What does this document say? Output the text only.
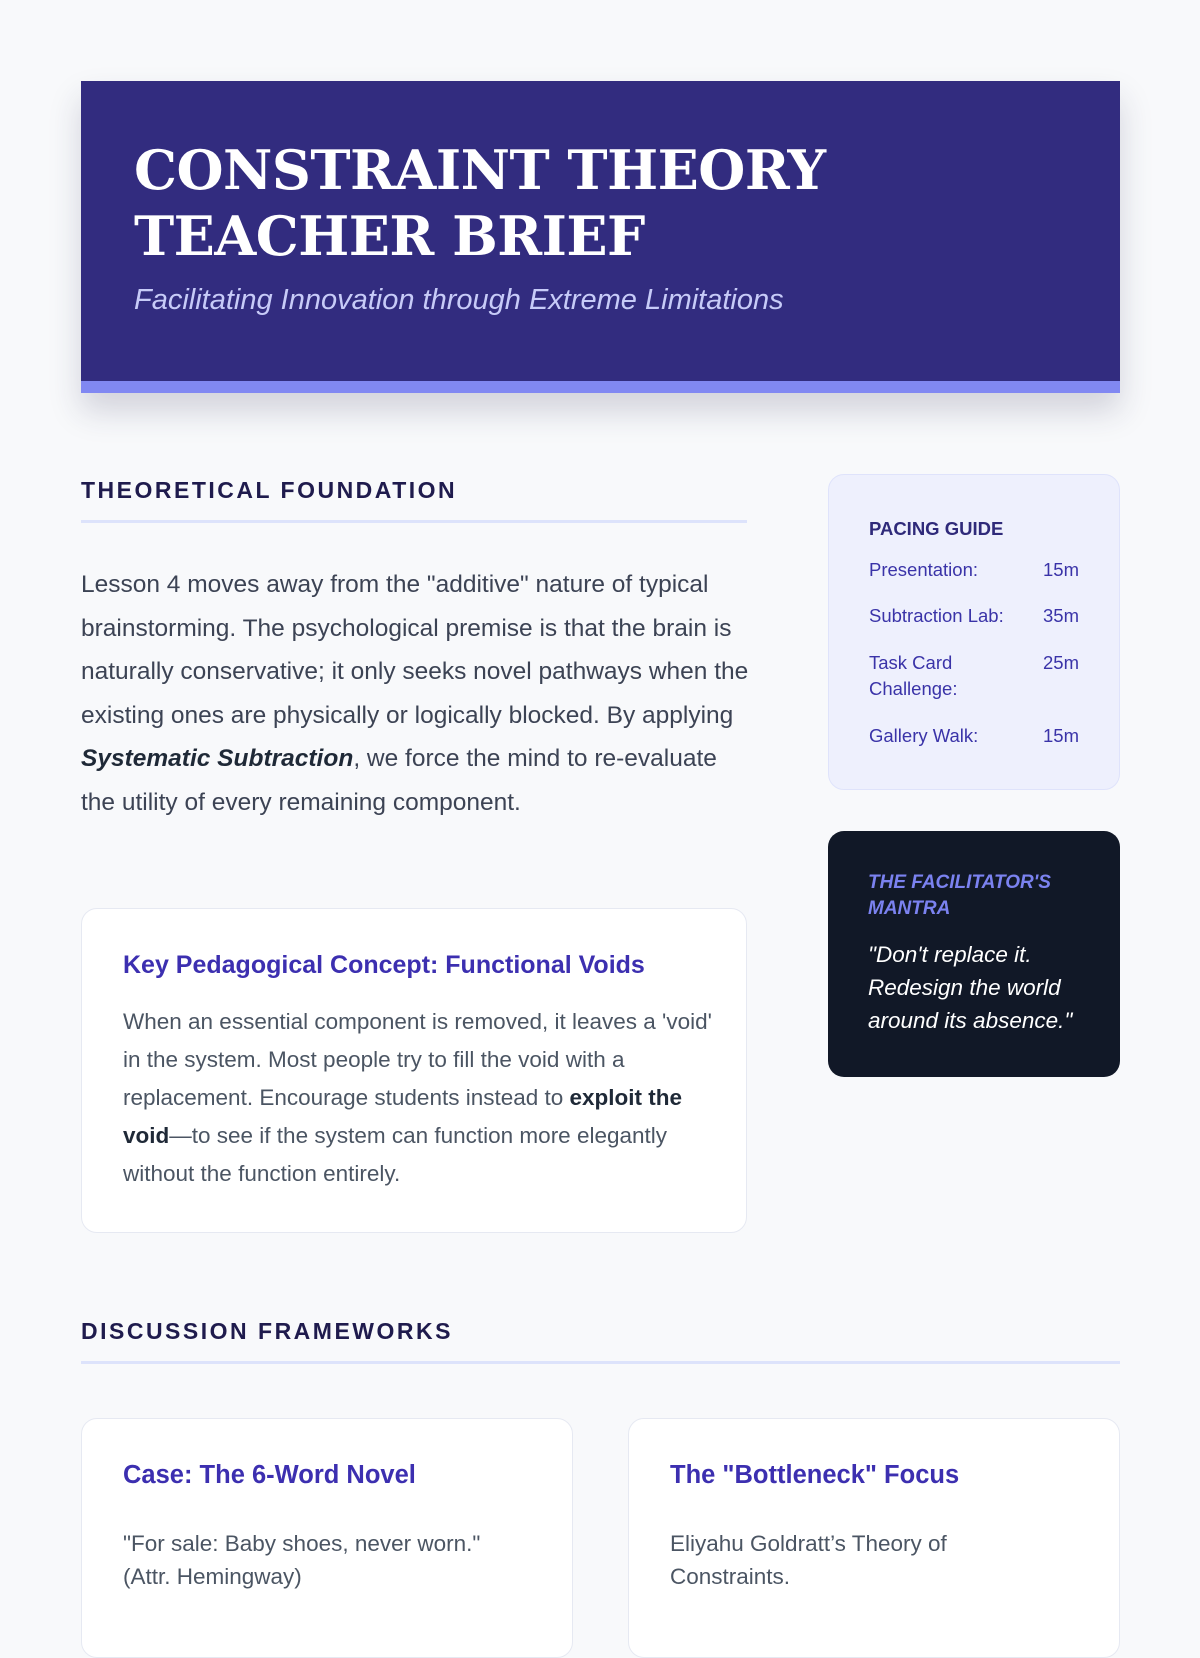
CONSTRAINT THEORY TEACHER BRIEF

Facilitating Innovation through Extreme Limitations

THEORETICAL FOUNDATION

Lesson 4 moves away from the "additive" nature of typical brainstorming. The psychological premise is that the brain is naturally conservative; it only seeks novel pathways when the existing ones are physically or logically blocked. By applying Systematic Subtraction, we force the mind to re-evaluate the utility of every remaining component.

Key Pedagogical Concept: Functional Voids

When an essential component is removed, it leaves a 'void' in the system. Most people try to fill the void with a replacement. Encourage students instead to exploit the void—to see if the system can function more elegantly without the function entirely.

PACING GUIDE
Presentation:	15m
Subtraction Lab:	35m
Task Card Challenge:
25m
Gallery Walk:	15m

THE FACILITATOR'S MANTRA

"Don't replace it. Redesign the world around its absence."

DISCUSSION FRAMEWORKS
Case: The 6-Word Novel

"For sale: Baby shoes, never worn." (Attr. Hemingway)

The "Bottleneck" Focus

Eliyahu Goldratt’s Theory of Constraints.
